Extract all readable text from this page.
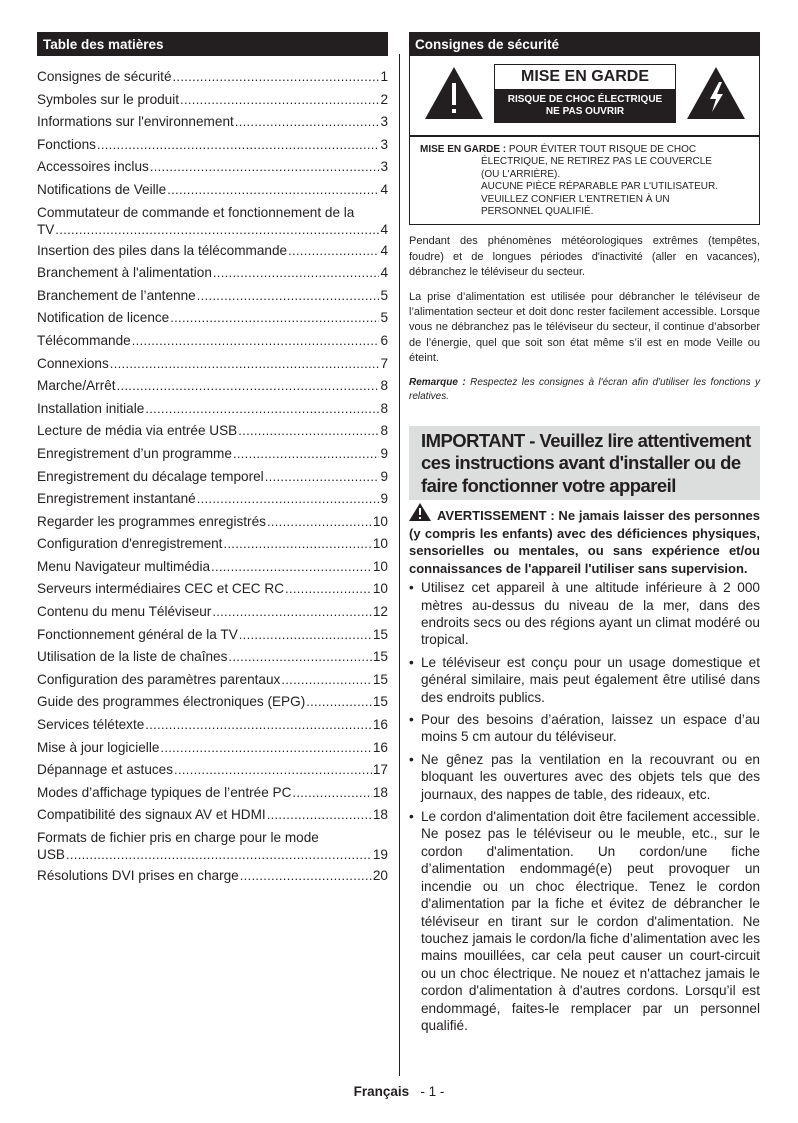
Table des matières
Consignes de sécurité .....	1
Symboles sur le produit .....	2
Informations sur l'environnement .....	3
Fonctions .....	3
Accessoires inclus .....	3
Notifications de Veille .....	4
Commutateur de commande et fonctionnement de la
TV .....	4
Insertion des piles dans la télécommande .....	4
Branchement à l'alimentation .....	4
Branchement de l’antenne .....	5
Notification de licence .....	5
Télécommande .....	6
Connexions .....	7
Marche/Arrêt .....	8
Installation initiale .....	8
Lecture de média via entrée USB .....	8
Enregistrement d’un programme .....	9
Enregistrement du décalage temporel .....	9
Enregistrement instantané .....	9
Regarder les programmes enregistrés .....	10
Configuration d'enregistrement .....	10
Menu Navigateur multimédia .....	10
Serveurs intermédiaires CEC et CEC RC .....	10
Contenu du menu Téléviseur .....	12
Fonctionnement général de la TV .....	15
Utilisation de la liste de chaînes .....	15
Configuration des paramètres parentaux .....	15
Guide des programmes électroniques (EPG) .....	15
Services télétexte .....	16
Mise à jour logicielle .....	16
Dépannage et astuces .....	17
Modes d’affichage typiques de l’entrée PC .....	18
Compatibilité des signaux AV et HDMI .....	18
Formats de fichier pris en charge pour le mode
USB .....	19
Résolutions DVI prises en charge .....	20
Consignes de sécurité
MISE EN GARDE
RISQUE DE CHOC ÉLECTRIQUE
NE PAS OUVRIR
MISE EN GARDE : POUR ÉVITER TOUT RISQUE DE CHOC
ÉLECTRIQUE, NE RETIREZ PAS LE COUVERCLE
(OU L'ARRIÈRE).
AUCUNE PIÈCE RÉPARABLE PAR L'UTILISATEUR.
VEUILLEZ CONFIER L'ENTRETIEN À UN
PERSONNEL QUALIFIÉ.

Pendant des phénomènes météorologiques extrêmes (tempêtes, foudre) et de longues périodes d'inactivité (aller en vacances), débranchez le téléviseur du secteur.

La prise d’alimentation est utilisée pour débrancher le téléviseur de l’alimentation secteur et doit donc rester facilement accessible. Lorsque vous ne débranchez pas le téléviseur du secteur, il continue d’absorber de l’énergie, quel que soit son état même s’il est en mode Veille ou éteint.

Remarque : Respectez les consignes à l'écran afin d'utiliser les fonctions y relatives.

IMPORTANT - Veuillez lire attentivement ces instructions avant d'installer ou de faire fonctionner votre appareil
AVERTISSEMENT : Ne jamais laisser des personnes (y compris les enfants) avec des déficiences physiques, sensorielles ou mentales, ou sans expérience et/ou connaissances de l'appareil l'utiliser sans supervision.
• Utilisez cet appareil à une altitude inférieure à 2 000 mètres au-dessus du niveau de la mer, dans des endroits secs ou des régions ayant un climat modéré ou tropical.
• Le téléviseur est conçu pour un usage domestique et général similaire, mais peut également être utilisé dans des endroits publics.
• Pour des besoins d’aération, laissez un espace d’au moins 5 cm autour du téléviseur.
• Ne gênez pas la ventilation en la recouvrant ou en bloquant les ouvertures avec des objets tels que des journaux, des nappes de table, des rideaux, etc.
• Le cordon d'alimentation doit être facilement accessible. Ne posez pas le téléviseur ou le meuble, etc., sur le cordon d'alimentation. Un cordon/une fiche d’alimentation endommagé(e) peut provoquer un incendie ou un choc électrique. Tenez le cordon d'alimentation par la fiche et évitez de débrancher le téléviseur en tirant sur le cordon d'alimentation. Ne touchez jamais le cordon/la fiche d’alimentation avec les mains mouillées, car cela peut causer un court-circuit ou un choc électrique. Ne nouez et n'attachez jamais le cordon d'alimentation à d'autres cordons. Lorsqu’il est endommagé, faites-le remplacer par un personnel qualifié.
Français - 1 -
